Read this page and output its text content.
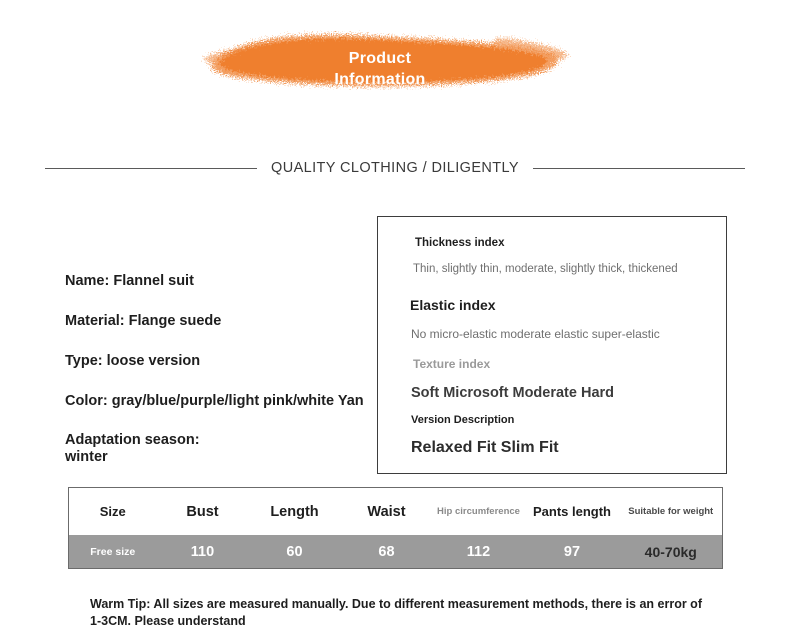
Product
Information
QUALITY CLOTHING / DILIGENTLY
Name: Flannel suit
Material: Flange suede
Type: loose version
Color: gray/blue/purple/light pink/white Yan
Adaptation season:
winter
Thickness index
Thin, slightly thin, moderate, slightly thick, thickened
Elastic index
No micro-elastic moderate elastic super-elastic
Texture index
Soft Microsoft Moderate Hard
Version Description
Relaxed Fit Slim Fit
Size	Bust	Length	Waist	Hip circumference	Pants length	Suitable for weight
Free size	110	60	68	112	97	40-70kg
Warm Tip: All sizes are measured manually. Due to different measurement methods, there is an error of 1-3CM. Please understand
